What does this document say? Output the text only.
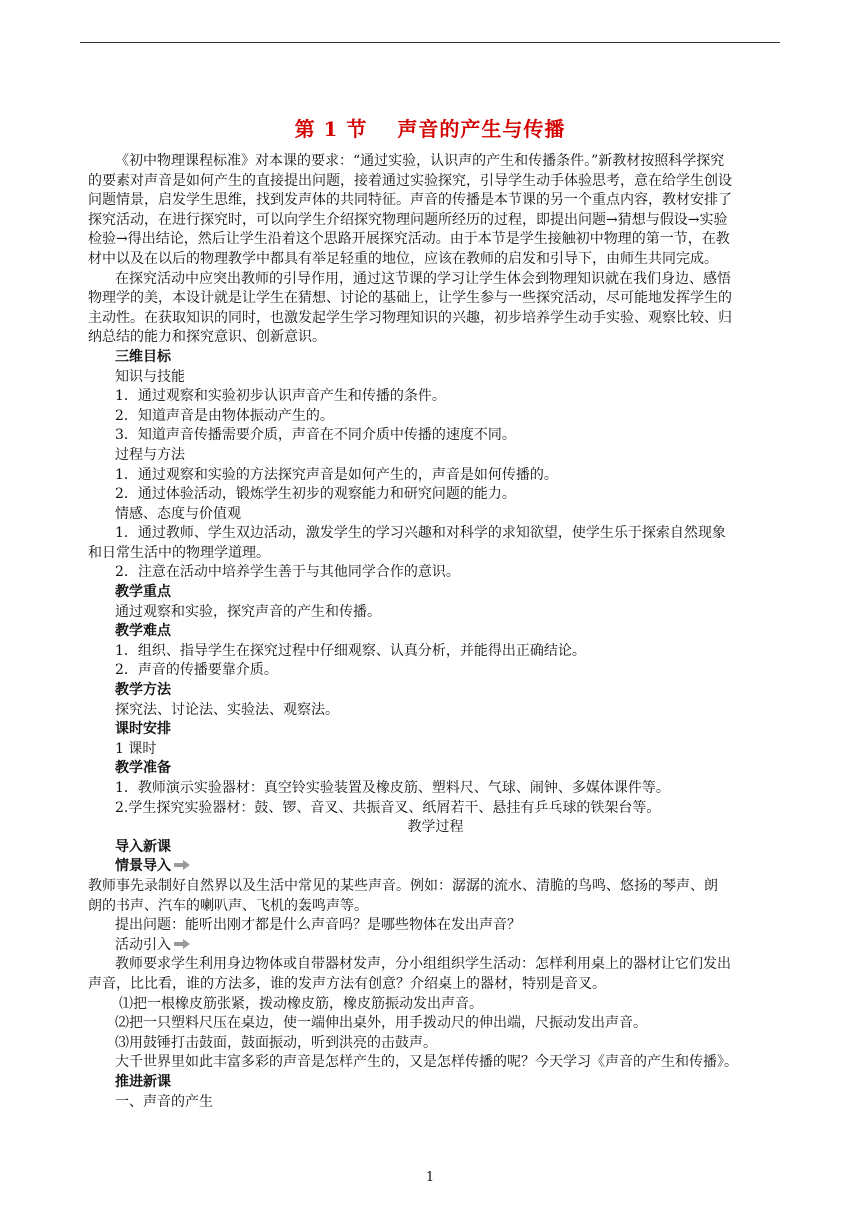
第 1 节 声音的产生与传播
《初中物理课程标准》对本课的要求：“通过实验，认识声的产生和传播条件。”新教材按照科学探究
的要素对声音是如何产生的直接提出问题，接着通过实验探究，引导学生动手体验思考，意在给学生创设
问题情景，启发学生思维，找到发声体的共同特征。声音的传播是本节课的另一个重点内容，教材安排了
探究活动，在进行探究时，可以向学生介绍探究物理问题所经历的过程，即提出问题→猜想与假设→实验
检验→得出结论，然后让学生沿着这个思路开展探究活动。由于本节是学生接触初中物理的第一节，在教
材中以及在以后的物理教学中都具有举足轻重的地位，应该在教师的启发和引导下，由师生共同完成。
在探究活动中应突出教师的引导作用，通过这节课的学习让学生体会到物理知识就在我们身边、感悟
物理学的美，本设计就是让学生在猜想、讨论的基础上，让学生参与一些探究活动，尽可能地发挥学生的
主动性。在获取知识的同时，也激发起学生学习物理知识的兴趣，初步培养学生动手实验、观察比较、归
纳总结的能力和探究意识、创新意识。
三维目标
知识与技能
1．通过观察和实验初步认识声音产生和传播的条件。
2．知道声音是由物体振动产生的。
3．知道声音传播需要介质，声音在不同介质中传播的速度不同。
过程与方法
1．通过观察和实验的方法探究声音是如何产生的，声音是如何传播的。
2．通过体验活动，锻炼学生初步的观察能力和研究问题的能力。
情感、态度与价值观
1．通过教师、学生双边活动，激发学生的学习兴趣和对科学的求知欲望，使学生乐于探索自然现象
和日常生活中的物理学道理。
2．注意在活动中培养学生善于与其他同学合作的意识。
教学重点
通过观察和实验，探究声音的产生和传播。
教学难点
1．组织、指导学生在探究过程中仔细观察、认真分析，并能得出正确结论。
2．声音的传播要靠介质。
教学方法
探究法、讨论法、实验法、观察法。
课时安排
1 课时
教学准备
1．教师演示实验器材：真空铃实验装置及橡皮筋、塑料尺、气球、闹钟、多媒体课件等。
2.学生探究实验器材：鼓、锣、音叉、共振音叉、纸屑若干、悬挂有乒乓球的铁架台等。
教学过程
导入新课
情景导入
教师事先录制好自然界以及生活中常见的某些声音。例如：潺潺的流水、清脆的鸟鸣、悠扬的琴声、朗
朗的书声、汽车的喇叭声、飞机的轰鸣声等。
提出问题：能听出刚才都是什么声音吗？是哪些物体在发出声音？
活动引入
教师要求学生利用身边物体或自带器材发声，分小组组织学生活动：怎样利用桌上的器材让它们发出
声音，比比看，谁的方法多，谁的发声方法有创意？介绍桌上的器材，特别是音叉。
⑴把一根橡皮筋张紧，拨动橡皮筋，橡皮筋振动发出声音。
⑵把一只塑料尺压在桌边，使一端伸出桌外，用手拨动尺的伸出端，尺振动发出声音。
⑶用鼓锤打击鼓面，鼓面振动，听到洪亮的击鼓声。
大千世界里如此丰富多彩的声音是怎样产生的，又是怎样传播的呢？今天学习《声音的产生和传播》。
推进新课
一、声音的产生
1
